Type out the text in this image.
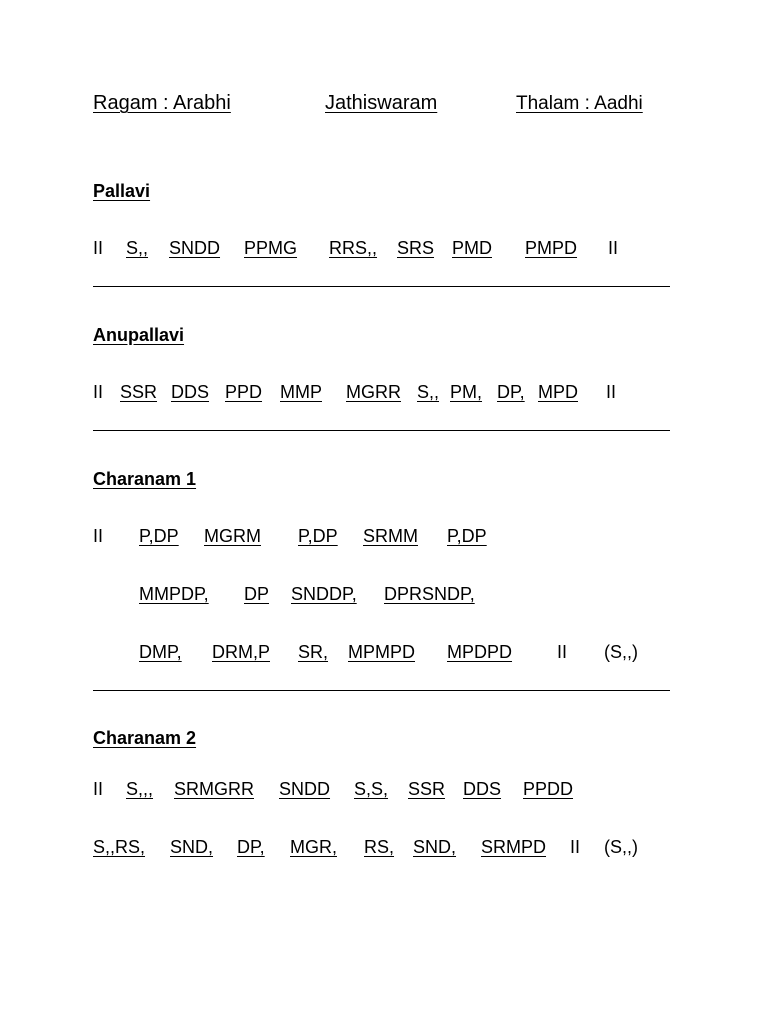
Ragam : Arabhi	Jathiswaram	Thalam : Aadhi
Pallavi
II S,, SNDD PPMG RRS,, SRS PMD PMPD II
Anupallavi
II SSR DDS PPD MMP MGRR S,, PM, DP, MPD II
Charanam 1
II P,DP MGRM P,DP SRMM P,DP
MMPDP, DP SNDDP, DPRSNDP,
DMP, DRM,P SR, MPMPD MPDPD II (S,,)
Charanam 2
II S,,, SRMGRR SNDD S,S, SSR DDS PPDD
S,,RS, SND, DP, MGR, RS, SND, SRMPD II (S,,)
